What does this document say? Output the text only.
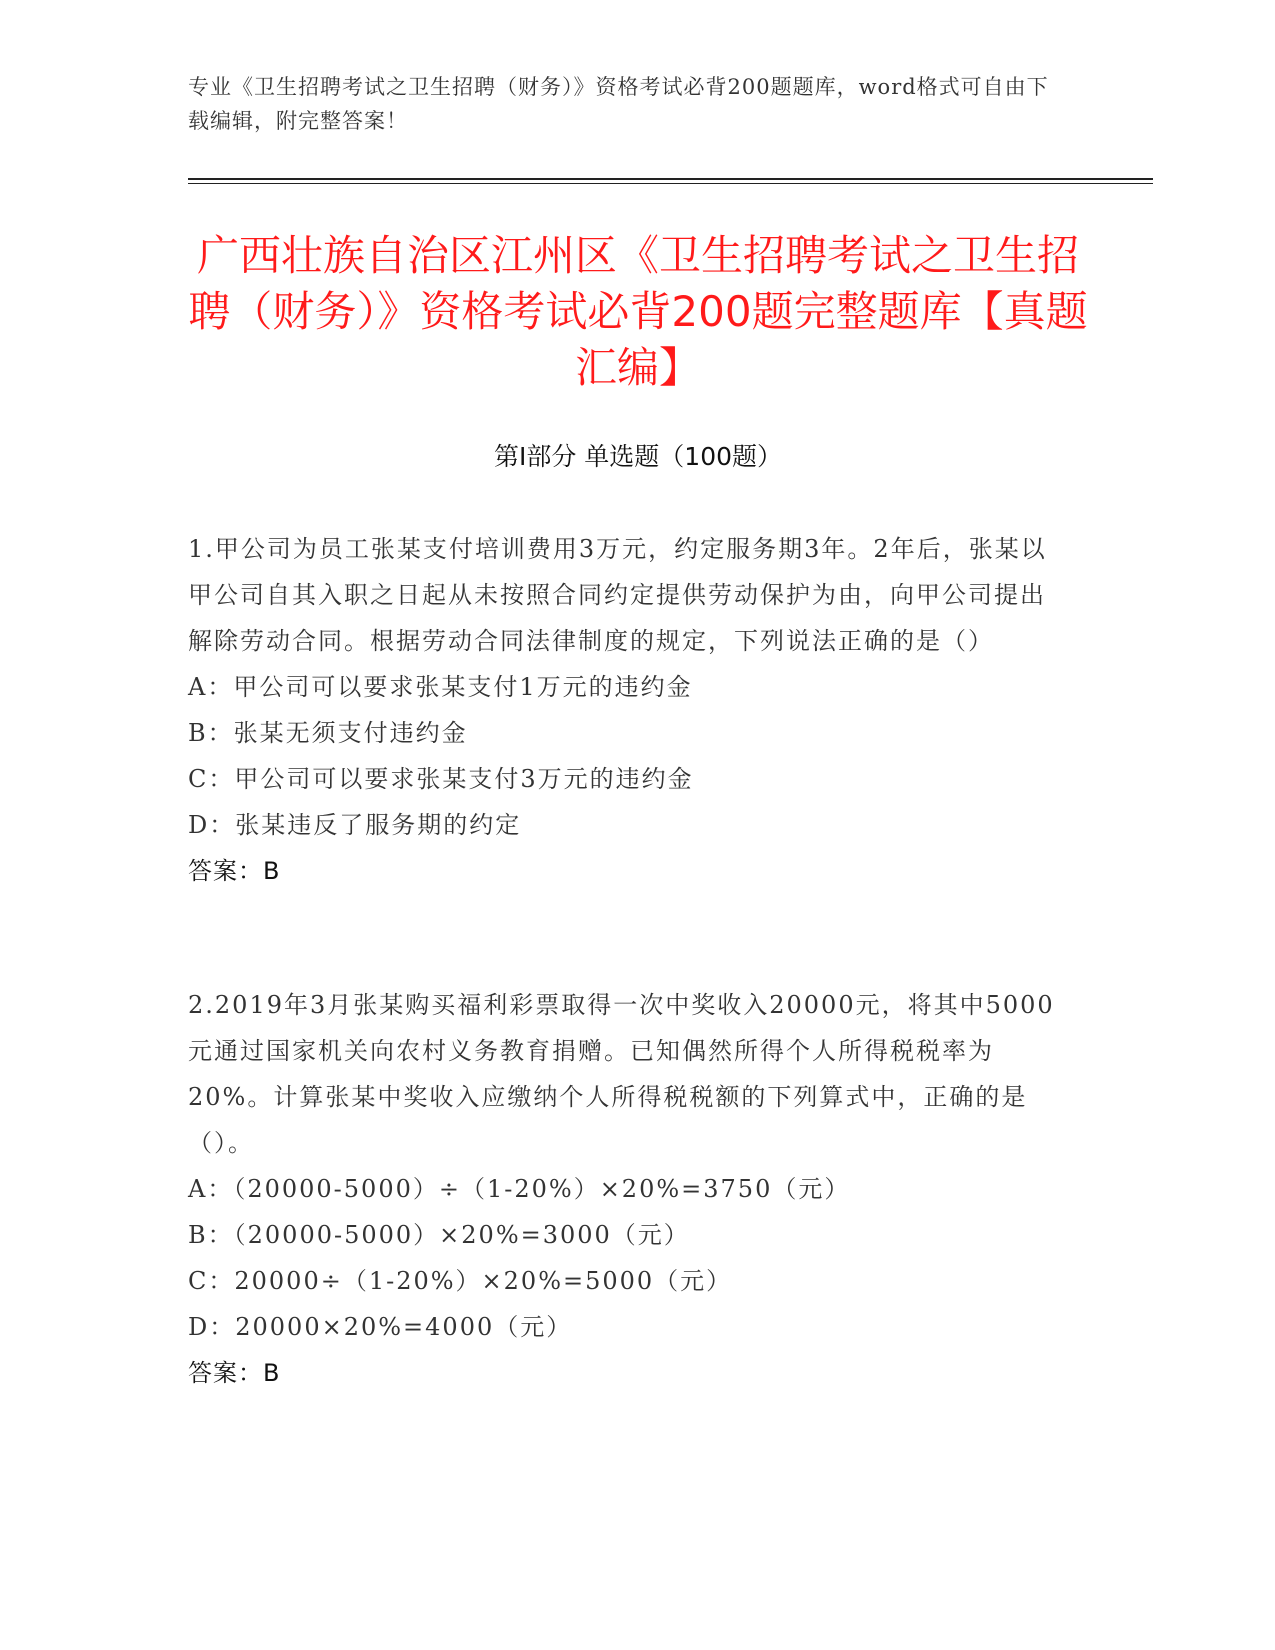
专业《卫生招聘考试之卫生招聘（财务）》资格考试必背200题题库，word格式可自由下载编辑，附完整答案！
广西壮族自治区江州区《卫生招聘考试之卫生招聘（财务）》资格考试必背200题完整题库【真题汇编】
第Ⅰ部分 单选题（100题）

1.甲公司为员工张某支付培训费用3万元，约定服务期3年。2年后，张某以甲公司自其入职之日起从未按照合同约定提供劳动保护为由，向甲公司提出解除劳动合同。根据劳动合同法律制度的规定，下列说法正确的是（）

A：甲公司可以要求张某支付1万元的违约金

B：张某无须支付违约金

C：甲公司可以要求张某支付3万元的违约金

D：张某违反了服务期的约定

答案：B

2.2019年3月张某购买福利彩票取得一次中奖收入20000元，将其中5000元通过国家机关向农村义务教育捐赠。已知偶然所得个人所得税税率为20%。计算张某中奖收入应缴纳个人所得税税额的下列算式中，正确的是（）。

A：（20000-5000）÷（1-20%）×20%=3750（元）

B：（20000-5000）×20%=3000（元）

C：20000÷（1-20%）×20%=5000（元）

D：20000×20%=4000（元）

答案：B
